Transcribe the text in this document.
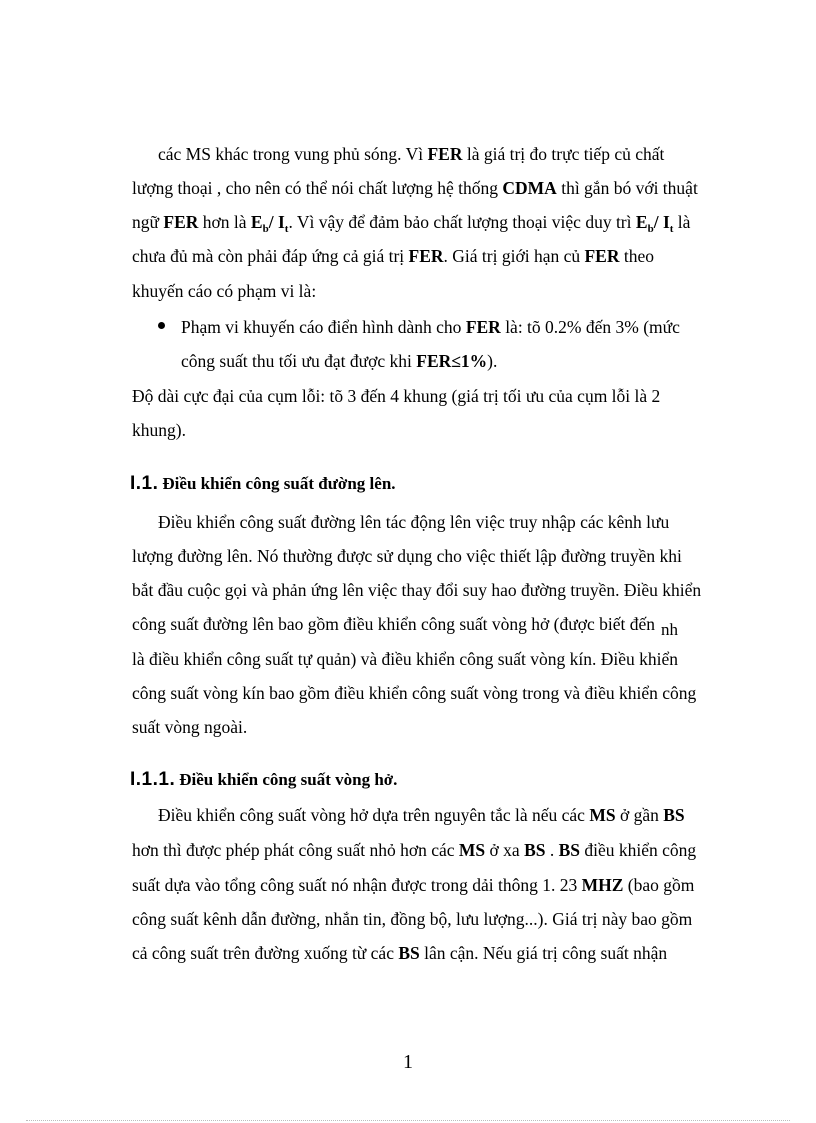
các MS khác trong vung phủ sóng. Vì FER là giá trị đo trực tiếp củ chất
lượng thoại , cho nên có thể nói chất lượng hệ thống CDMA thì gắn bó với thuật
ngữ FER hơn là $E_b/$ $I_t$. Vì vậy để đảm bảo chất lượng thoại việc duy trì $E_b/$ $I_t$ là
chưa đủ mà còn phải đáp ứng cả giá trị FER. Giá trị giới hạn củ FER theo
khuyến cáo có phạm vi là:
Phạm vi khuyến cáo điển hình dành cho FER là: tõ 0.2% đến 3% (mức
công suất thu tối ưu đạt được khi FER≤1%).
Độ dài cực đại của cụm lỗi: tõ 3 đến 4 khung (giá trị tối ưu của cụm lỗi là 2
khung).
I.1. Điều khiển công suất đường lên.
Điều khiển công suất đường lên tác động lên việc truy nhập các kênh lưu
lượng đường lên. Nó thường được sử dụng cho việc thiết lập đường truyền khi
bắt đầu cuộc gọi và phản ứng lên việc thay đổi suy hao đường truyền. Điều khiển
công suất đường lên bao gồm điều khiển công suất vòng hở (được biết đến nh
là điều khiển công suất tự quản) và điều khiển công suất vòng kín. Điều khiển
công suất vòng kín bao gồm điều khiển công suất vòng trong và điều khiển công
suất vòng ngoài.
I.1.1. Điều khiển công suất vòng hở.
Điều khiển công suất vòng hở dựa trên nguyên tắc là nếu các MS ở gần BS
hơn thì được phép phát công suất nhỏ hơn các MS ở xa BS . BS điều khiển công
suất dựa vào tổng công suất nó nhận được trong dải thông 1. 23 MHZ (bao gồm
công suất kênh dẫn đường, nhắn tin, đồng bộ, lưu lượng...). Giá trị này bao gồm
cả công suất trên đường xuống từ các BS lân cận. Nếu giá trị công suất nhận
1
